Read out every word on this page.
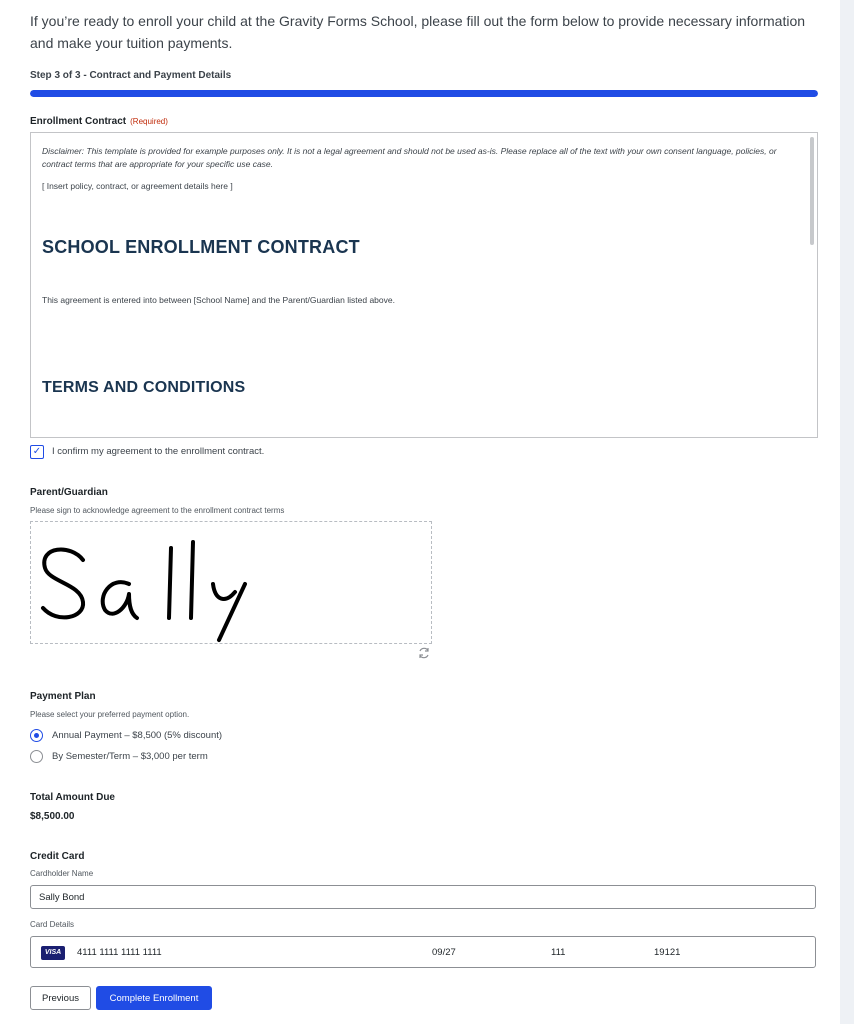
If you’re ready to enroll your child at the Gravity Forms School, please fill out the form below to provide necessary information and make your tuition payments.
Step 3 of 3 - Contract and Payment Details
Enrollment Contract (Required)

Disclaimer: This template is provided for example purposes only. It is not a legal agreement and should not be used as-is. Please replace all of the text with your own consent language, policies, or contract terms that are appropriate for your specific use case.

[ Insert policy, contract, or agreement details here ]

SCHOOL ENROLLMENT CONTRACT
This agreement is entered into between [School Name] and the Parent/Guardian listed above.
TERMS AND CONDITIONS
✓ I confirm my agreement to the enrollment contract.
Parent/Guardian
Please sign to acknowledge agreement to the enrollment contract terms
Payment Plan
Please select your preferred payment option.
Annual Payment – $8,500 (5% discount)
By Semester/Term – $3,000 per term
Total Amount Due
$8,500.00
Credit Card
Cardholder Name
Sally Bond
Card Details
VISA	4111 1111 1111 1111	09/27	111	19121
Previous	Complete Enrollment
